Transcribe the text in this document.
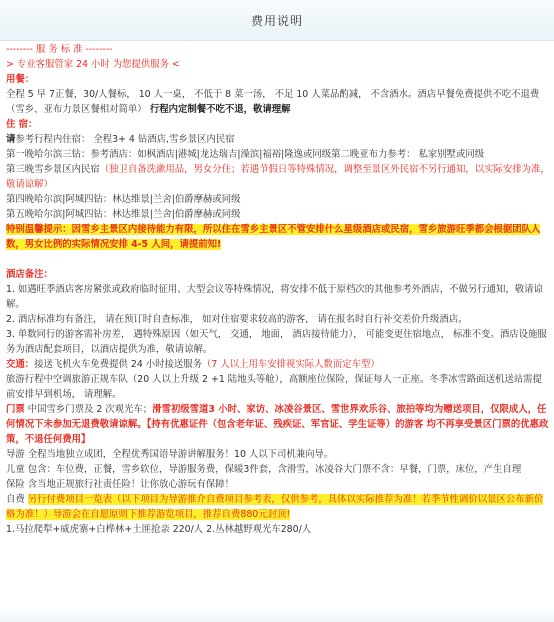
费用说明

-------- 服 务 标 准 --------

> 专业客服管家 24 小时 为您提供服务 <

用餐：

全程 5 早 7正餐，30/人餐标， 10 人一桌， 不低于 8 菜一汤， 不足 10 人菜品酌减， 不含酒水。酒店早餐免费提供不吃不退费（雪乡、亚布力景区餐相对简单） 行程内定制餐不吃不退，敬请理解

住 宿：

请参考行程内住宿： 全程3+ 4 钻酒店,雪乡景区内民宿

第一晚哈尔滨三钻：参考酒店：如枫酒店|港城|龙达瑞吉|澡滨|福裕|隆逸或同级第二晚亚布力参考： 私家别墅或同级

第三晚雪乡景区内民宿（独卫自备洗漱用品，男女分住；若遇节假日等特殊情况，调整至景区外民宿不另行通知，以实际安排为准，敬请谅解）

第四晚哈尔滨|阿城四钻：林达维景|兰舍|伯爵摩赫或同级

第五晚哈尔滨|阿城四钻：林达维景|兰舍|伯爵摩赫或同级

特别温馨提示：因雪乡主景区内接待能力有限，所以住在雪乡主景区不管安排什么星级酒店或民宿，雪乡旅游旺季都会根据团队人数，男女比例的实际情况安排 4-5 人间，请提前知!

酒店备注：

1. 如遇旺季酒店客房紧张或政府临时征用、大型会议等特殊情况，将安排不低于原档次的其他参考外酒店，不做另行通知，敬请谅解。

2. 酒店标准均有备注， 请在预订时自查标准， 如对住宿要求较高的游客， 请在报名时自行补交差价升级酒店。

3. 单数同行的游客需补房差， 遇特殊原因（如天气， 交通， 地面， 酒店接待能力）， 可能变更住宿地点， 标准不变。酒店设施服务为酒店配套项目，以酒店提供为准，敬请谅解。

交通：接送飞机火车免费提供 24 小时接送服务（7 人以上用车安排视实际人数而定车型）

旅游行程中空调旅游正规车队（20 人以上升级 2 +1 陆地头等舱），高额座位保险，保证每人一正座。冬季冰雪路面送机送站需提前安排早到机场， 请理解。

门票 中国雪乡门票及 2 次观光车；滑雪初级雪道3 小时、家访、冰凌谷景区、雪世界欢乐谷、旅拍等均为赠送项目，仅限成人，任何情况下未参加无退费敬请谅解。【持有优惠证件（包含老年证、残疾证、军官证、学生证等）的游客 均不再享受景区门票的优惠政策，不退任何费用】

导游 全程当地独立成团，全程优秀国语导游讲解服务！10 人以下司机兼向导。

儿童 包含：车位费，正餐，雪乡软位，导游服务费，保暖3件套，含滑雪，冰凌谷大门票不含：早餐，门票，床位，产生自理

保险 含当地正规旅行社责任险！让你放心游玩有保障！

自费 另行付费项目一览表（以下项目为导游推介自费项目参考表，仅供参考，具体以实际推荐为准！若季节性调价以景区公布新价格为准！）导游会在自愿原则下推荐游览项目，推荐自费880元封顶!

1.马拉爬犁+威虎寨+白桦林+土匪抢亲 220/人 2.丛林越野观光车280/人
